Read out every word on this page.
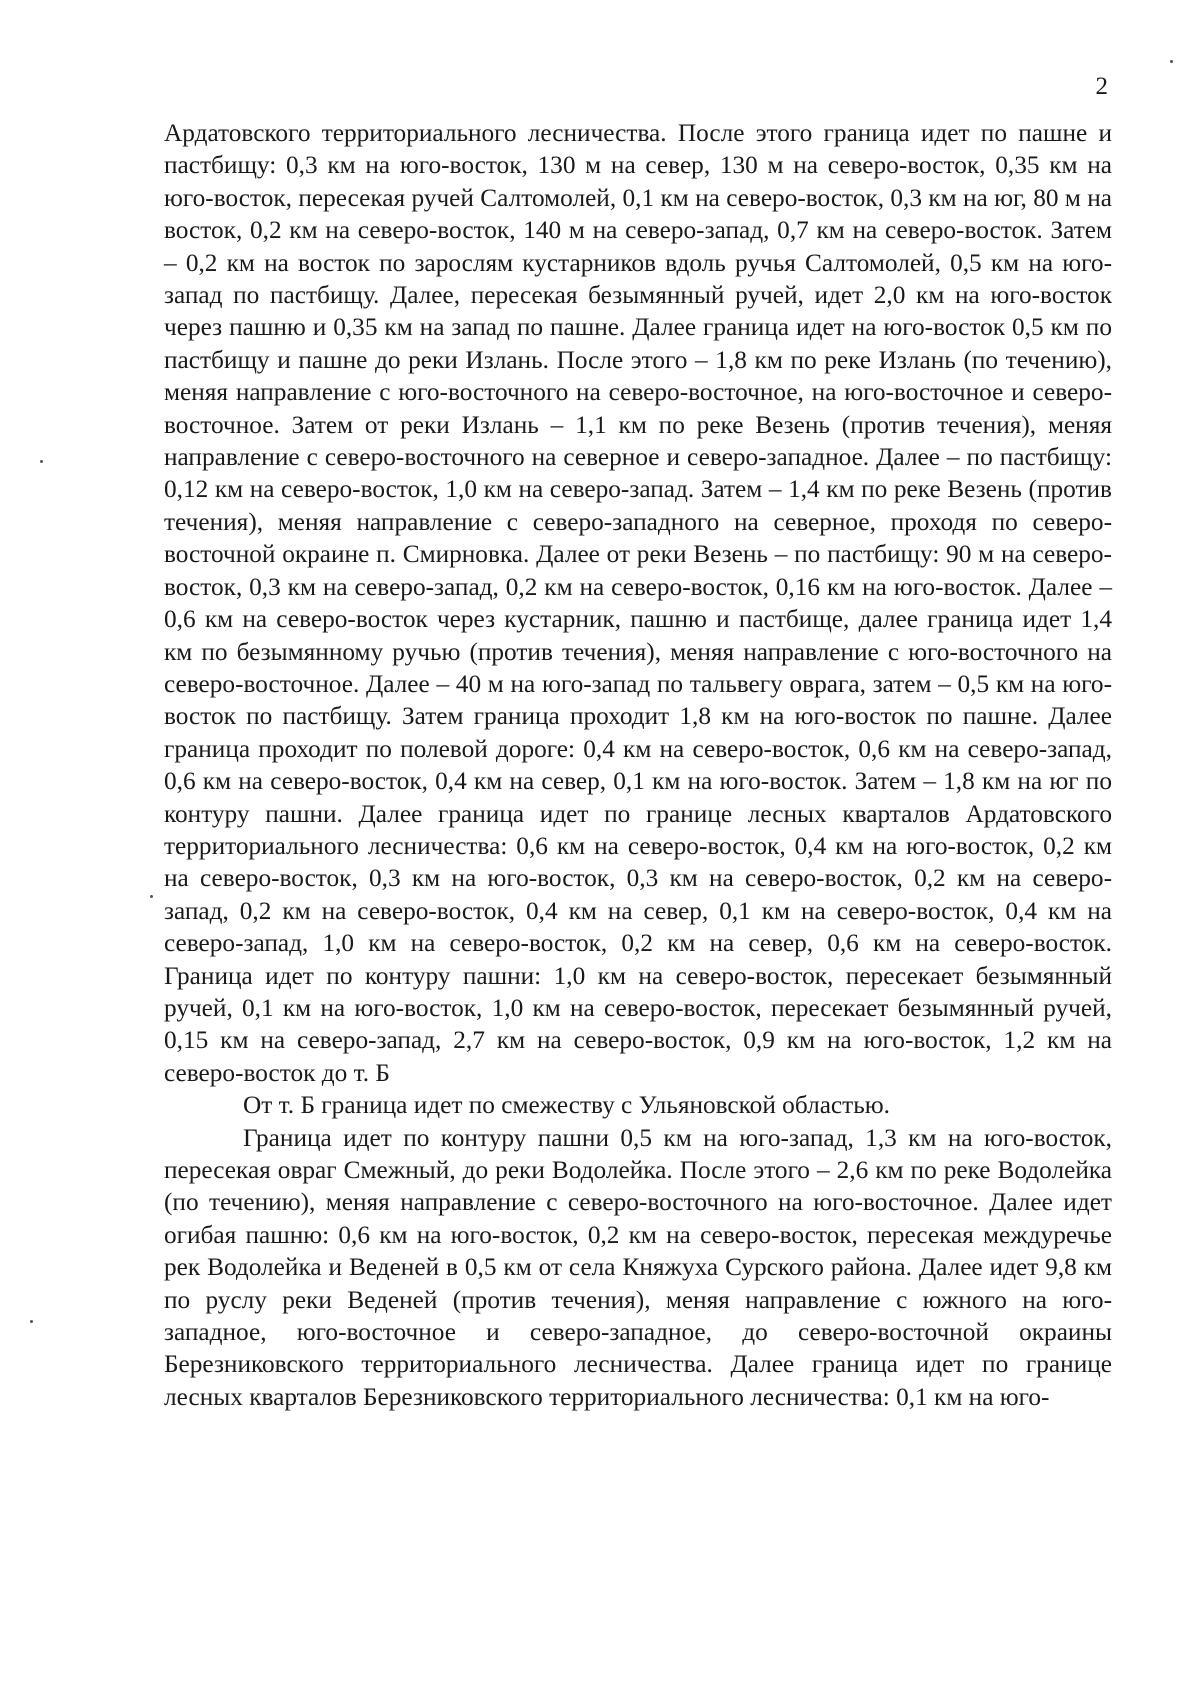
2

Ардатовского территориального лесничества. После этого граница идет по пашне и пастбищу: 0,3 км на юго-восток, 130 м на север, 130 м на северо-восток, 0,35 км на юго-восток, пересекая ручей Салтомолей, 0,1 км на северо-восток, 0,3 км на юг, 80 м на восток, 0,2 км на северо-восток, 140 м на северо-запад, 0,7 км на северо-восток. Затем – 0,2 км на восток по зарослям кустарников вдоль ручья Салтомолей, 0,5 км на юго-запад по пастбищу. Далее, пересекая безымянный ручей, идет 2,0 км на юго-восток через пашню и 0,35 км на запад по пашне. Далее граница идет на юго-восток 0,5 км по пастбищу и пашне до реки Излань. После этого – 1,8 км по реке Излань (по течению), меняя направление с юго-восточного на северо-восточное, на юго-восточное и северо-восточное. Затем от реки Излань – 1,1 км по реке Везень (против течения), меняя направление с северо-восточного на северное и северо-западное. Далее – по пастбищу: 0,12 км на северо-восток, 1,0 км на северо-запад. Затем – 1,4 км по реке Везень (против течения), меняя направление с северо-западного на северное, проходя по северо-восточной окраине п. Смирновка. Далее от реки Везень – по пастбищу: 90 м на северо-восток, 0,3 км на северо-запад, 0,2 км на северо-восток, 0,16 км на юго-восток. Далее – 0,6 км на северо-восток через кустарник, пашню и пастбище, далее граница идет 1,4 км по безымянному ручью (против течения), меняя направление с юго-восточного на северо-восточное. Далее – 40 м на юго-запад по тальвегу оврага, затем – 0,5 км на юго-восток по пастбищу. Затем граница проходит 1,8 км на юго-восток по пашне. Далее граница проходит по полевой дороге: 0,4 км на северо-восток, 0,6 км на северо-запад, 0,6 км на северо-восток, 0,4 км на север, 0,1 км на юго-восток. Затем – 1,8 км на юг по контуру пашни. Далее граница идет по границе лесных кварталов Ардатовского территориального лесничества: 0,6 км на северо-восток, 0,4 км на юго-восток, 0,2 км на северо-восток, 0,3 км на юго-восток, 0,3 км на северо-восток, 0,2 км на северо-запад, 0,2 км на северо-восток, 0,4 км на север, 0,1 км на северо-восток, 0,4 км на северо-запад, 1,0 км на северо-восток, 0,2 км на север, 0,6 км на северо-восток. Граница идет по контуру пашни: 1,0 км на северо-восток, пересекает безымянный ручей, 0,1 км на юго-восток, 1,0 км на северо-восток, пересекает безымянный ручей, 0,15 км на северо-запад, 2,7 км на северо-восток, 0,9 км на юго-восток, 1,2 км на северо-восток до т. Б

От т. Б граница идет по смежеству с Ульяновской областью.

Граница идет по контуру пашни 0,5 км на юго-запад, 1,3 км на юго-восток, пересекая овраг Смежный, до реки Водолейка. После этого – 2,6 км по реке Водолейка (по течению), меняя направление с северо-восточного на юго-восточное. Далее идет огибая пашню: 0,6 км на юго-восток, 0,2 км на северо-восток, пересекая междуречье рек Водолейка и Веденей в 0,5 км от села Княжуха Сурского района. Далее идет 9,8 км по руслу реки Веденей (против течения), меняя направление с южного на юго-западное, юго-восточное и северо-западное, до северо-восточной окраины Березниковского территориального лесничества. Далее граница идет по границе лесных кварталов Березниковского территориального лесничества: 0,1 км на юго-
